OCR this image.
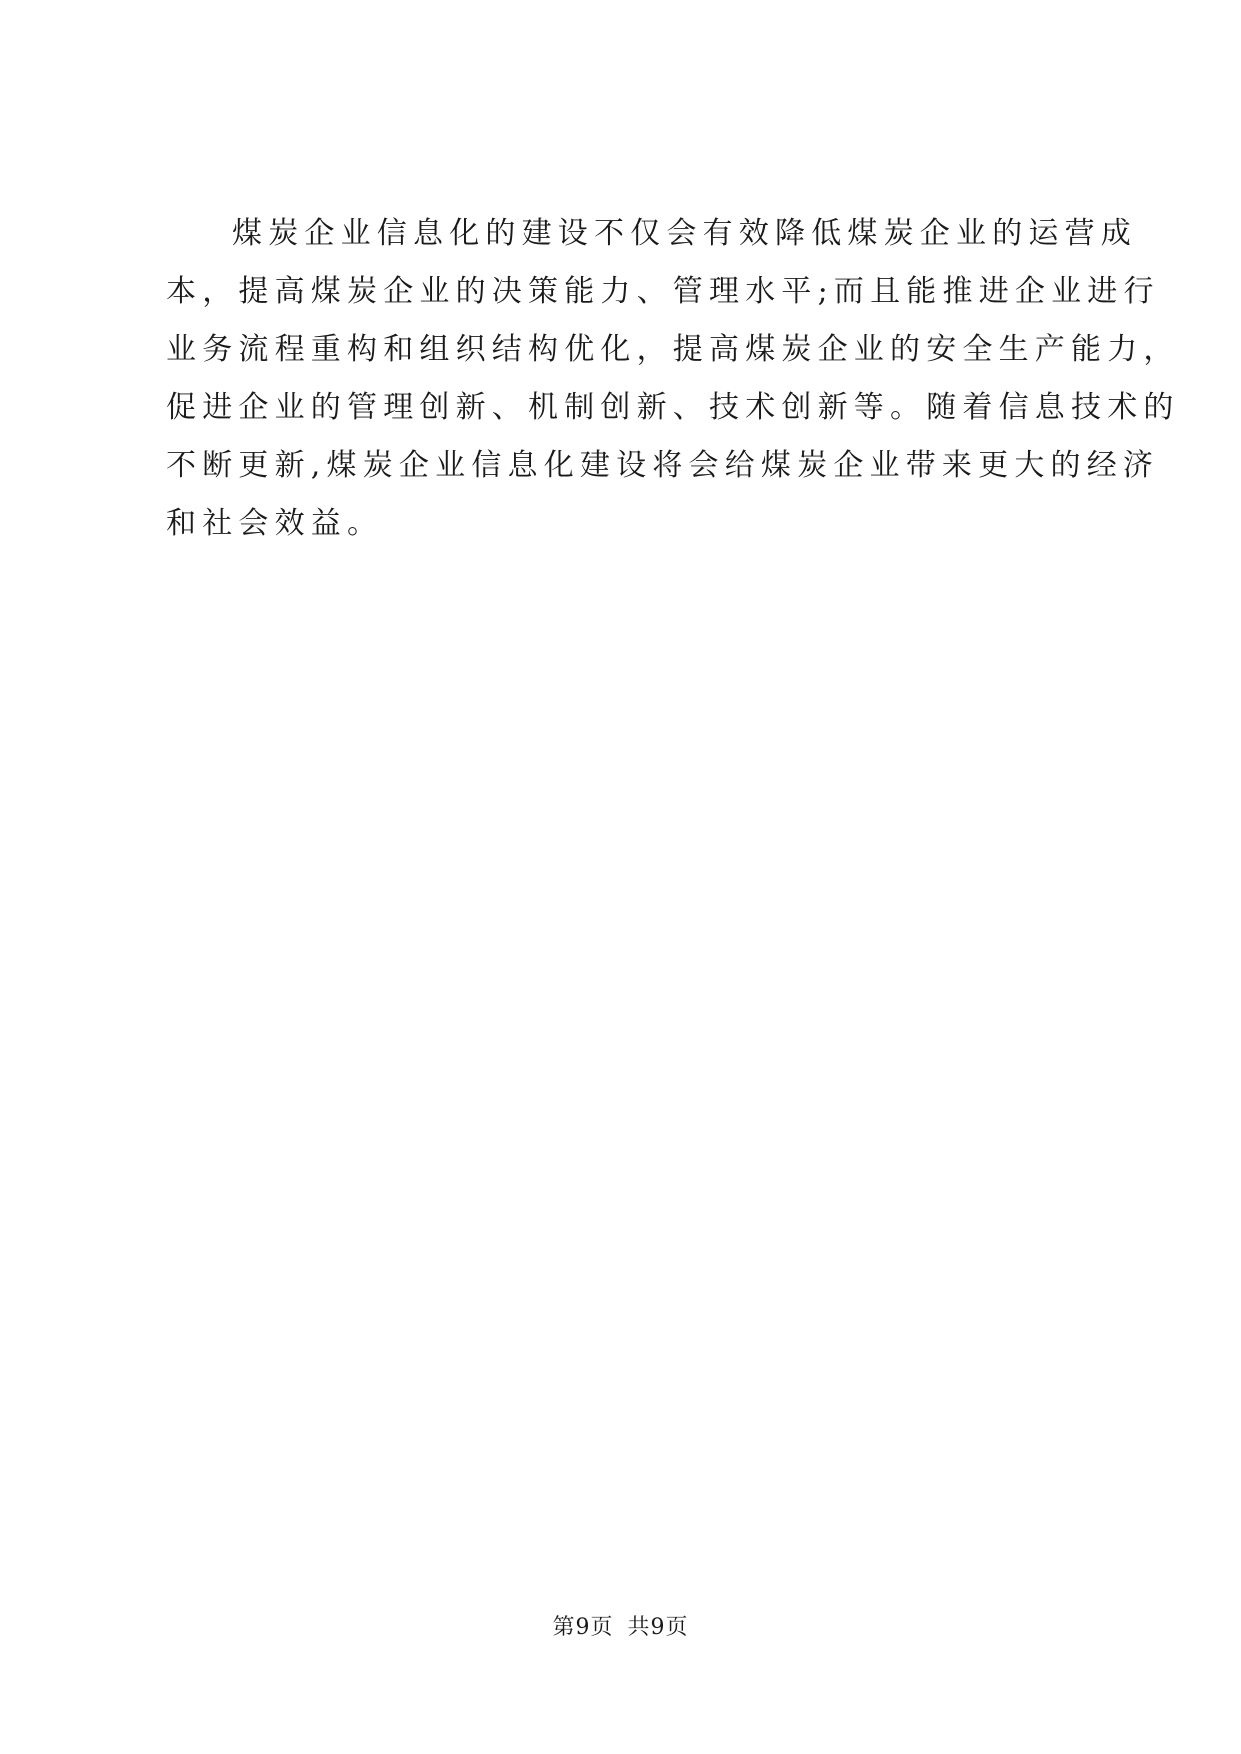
煤炭企业信息化的建设不仅会有效降低煤炭企业的运营成
本，提高煤炭企业的决策能力、管理水平;而且能推进企业进行
业务流程重构和组织结构优化，提高煤炭企业的安全生产能力，
促进企业的管理创新、机制创新、技术创新等。随着信息技术的
不断更新,煤炭企业信息化建设将会给煤炭企业带来更大的经济
和社会效益。
第9页 共9页
